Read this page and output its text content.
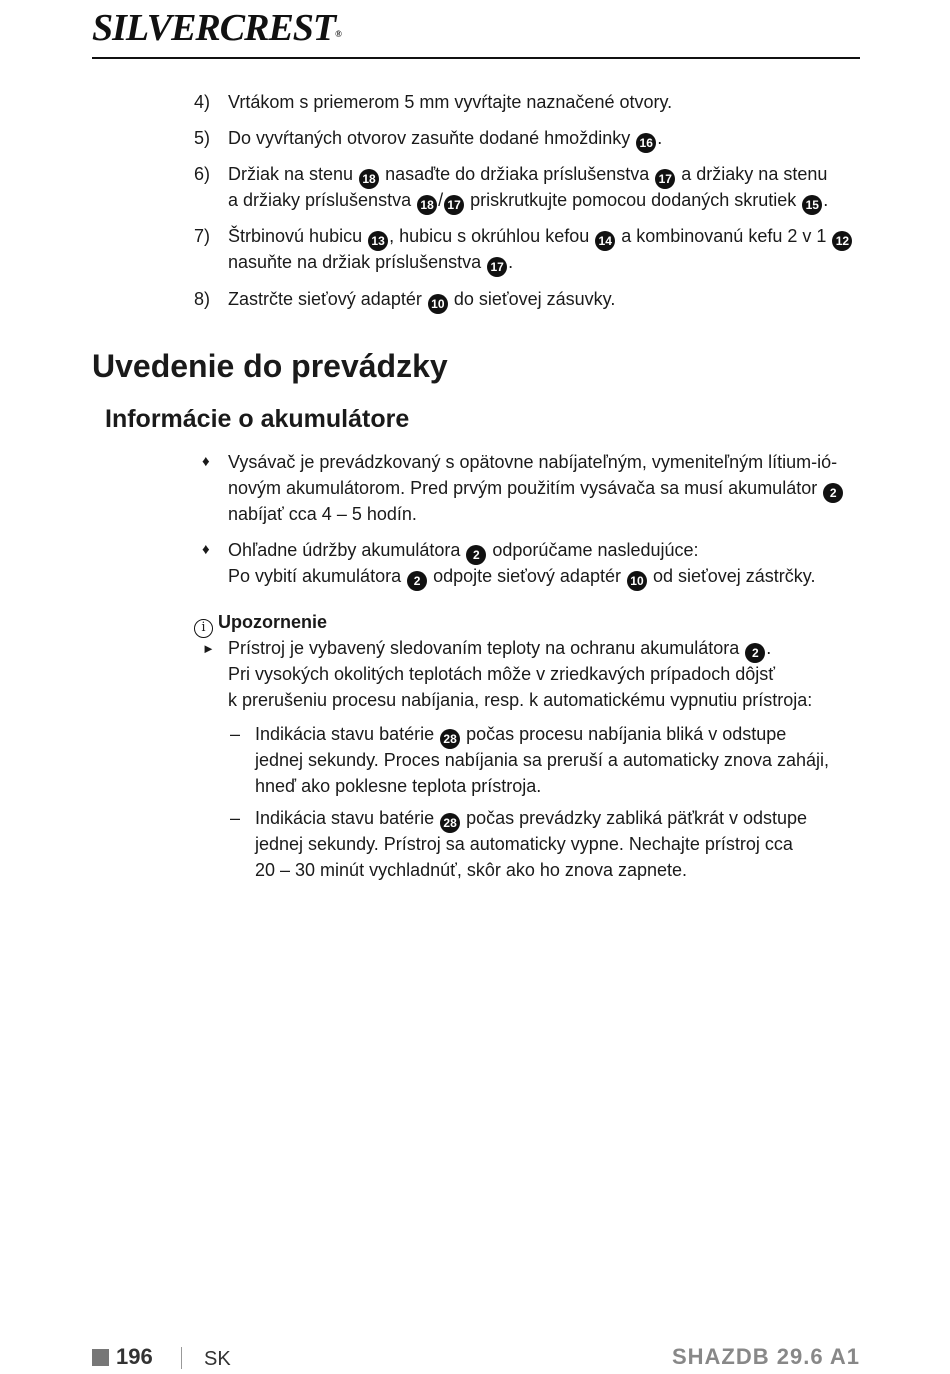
SILVERCREST®
4) Vrtákom s priemerom 5 mm vyvŕtajte naznačené otvory.
5) Do vyvŕtaných otvorov zasuňte dodané hmoždinky 16 .
6) Držiak na stenu 18 nasaďte do držiaka príslušenstva 17 a držiaky na stenu
a držiaky príslušenstva 18 / 17 priskrutkujte pomocou dodaných skrutiek 15 .
7) Štrbinovú hubicu 13 , hubicu s okrúhlou kefou 14 a kombinovanú kefu 2 v 1 12
nasuňte na držiak príslušenstva 17 .
8) Zastrčte sieťový adaptér 10 do sieťovej zásuvky.
Uvedenie do prevádzky
Informácie o akumulátore
♦ Vysávač je prevádzkovaný s opätovne nabíjateľným, vymeniteľným lítium-ió-
novým akumulátorom. Pred prvým použitím vysávača sa musí akumulátor 2
nabíjať cca 4 – 5 hodín.
♦ Ohľadne údržby akumulátora 2 odporúčame nasledujúce:
Po vybití akumulátora 2 odpojte sieťový adaptér 10 od sieťovej zástrčky.
i Upozornenie
► Prístroj je vybavený sledovaním teploty na ochranu akumulátora 2 .
Pri vysokých okolitých teplotách môže v zriedkavých prípadoch dôjsť
k prerušeniu procesu nabíjania, resp. k automatickému vypnutiu prístroja:
– Indikácia stavu batérie 28 počas procesu nabíjania bliká v odstupe
jednej sekundy. Proces nabíjania sa preruší a automaticky znova zaháji,
hneď ako poklesne teplota prístroja.
– Indikácia stavu batérie 28 počas prevádzky zabliká päťkrát v odstupe
jednej sekundy. Prístroj sa automaticky vypne. Nechajte prístroj cca
20 – 30 minút vychladnúť, skôr ako ho znova zapnete.
196	SK	SHAZDB 29.6 A1
